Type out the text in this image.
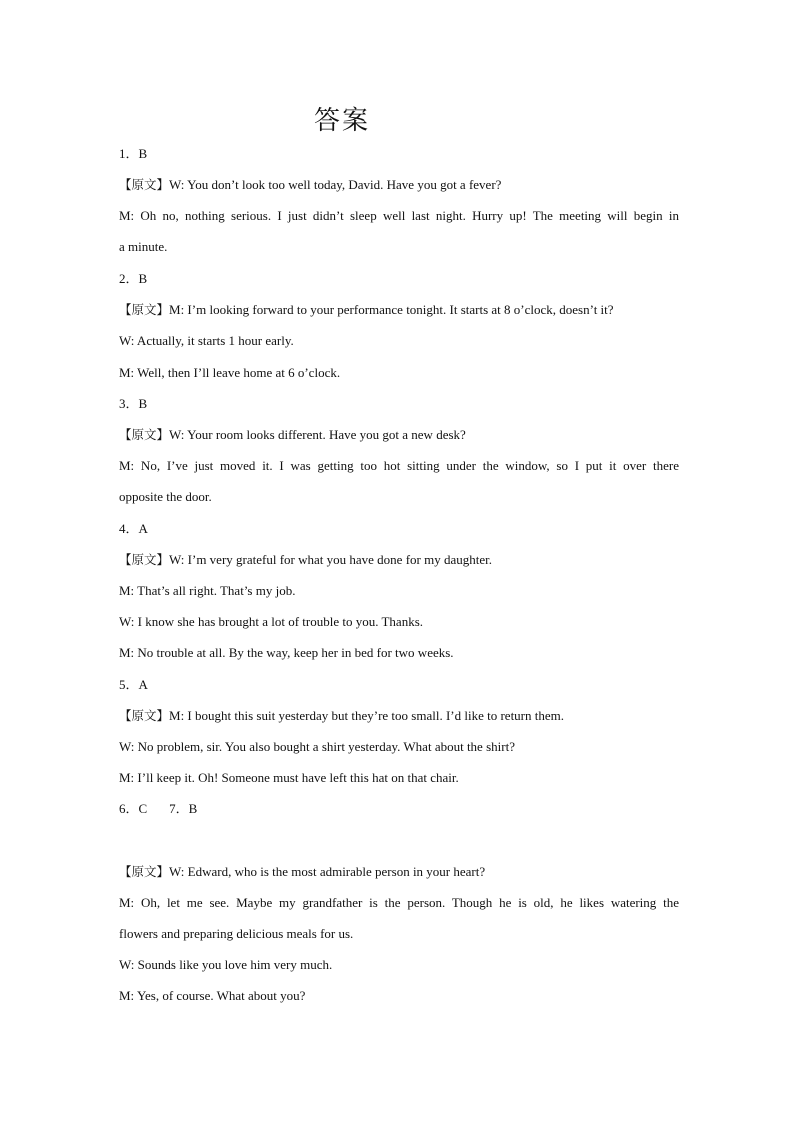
答案
1．B
【原文】W: You don’t look too well today, David. Have you got a fever?
M: Oh no, nothing serious. I just didn’t sleep well last night. Hurry up! The meeting will begin in
a minute.
2．B
【原文】M: I’m looking forward to your performance tonight. It starts at 8 o’clock, doesn’t it?
W: Actually, it starts 1 hour early.
M: Well, then I’ll leave home at 6 o’clock.
3．B
【原文】W: Your room looks different. Have you got a new desk?
M: No, I’ve just moved it. I was getting too hot sitting under the window, so I put it over there
opposite the door.
4．A
【原文】W: I’m very grateful for what you have done for my daughter.
M: That’s all right. That’s my job.
W: I know she has brought a lot of trouble to you. Thanks.
M: No trouble at all. By the way, keep her in bed for two weeks.
5．A
【原文】M: I bought this suit yesterday but they’re too small. I’d like to return them.
W: No problem, sir. You also bought a shirt yesterday. What about the shirt?
M: I’ll keep it. Oh! Someone must have left this hat on that chair.
6．C 7．B
【原文】W: Edward, who is the most admirable person in your heart?
M: Oh, let me see. Maybe my grandfather is the person. Though he is old, he likes watering the
flowers and preparing delicious meals for us.
W: Sounds like you love him very much.
M: Yes, of course. What about you?
